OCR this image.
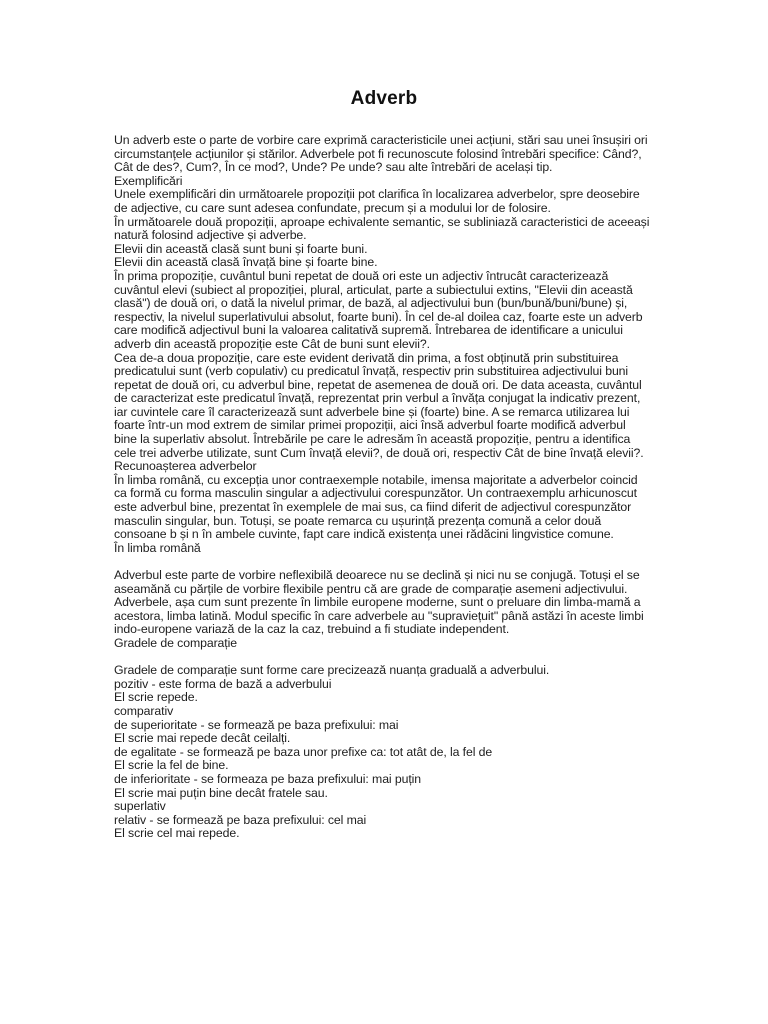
Adverb
Un adverb este o parte de vorbire care exprimă caracteristicile unei acțiuni, stări sau unei însușiri ori circumstanțele acțiunilor și stărilor. Adverbele pot fi recunoscute folosind întrebări specifice: Când?, Cât de des?, Cum?, În ce mod?, Unde? Pe unde? sau alte întrebări de același tip.
Exemplificări
Unele exemplificări din următoarele propoziții pot clarifica în localizarea adverbelor, spre deosebire de adjective, cu care sunt adesea confundate, precum și a modului lor de folosire.
În următoarele două propoziții, aproape echivalente semantic, se subliniază caracteristici de aceeași natură folosind adjective și adverbe.
Elevii din această clasă sunt buni și foarte buni.
Elevii din această clasă învață bine și foarte bine.
În prima propoziție, cuvântul buni repetat de două ori este un adjectiv întrucât caracterizează cuvântul elevi (subiect al propoziției, plural, articulat, parte a subiectului extins, "Elevii din această clasă") de două ori, o dată la nivelul primar, de bază, al adjectivului bun (bun/bună/buni/bune) și, respectiv, la nivelul superlativului absolut, foarte buni). În cel de-al doilea caz, foarte este un adverb care modifică adjectivul buni la valoarea calitativă supremă. Întrebarea de identificare a unicului adverb din această propoziție este Cât de buni sunt elevii?.
Cea de-a doua propoziție, care este evident derivată din prima, a fost obținută prin substituirea predicatului sunt (verb copulativ) cu predicatul învață, respectiv prin substituirea adjectivului buni repetat de două ori, cu adverbul bine, repetat de asemenea de două ori. De data aceasta, cuvântul de caracterizat este predicatul învață, reprezentat prin verbul a învăța conjugat la indicativ prezent, iar cuvintele care îl caracterizează sunt adverbele bine și (foarte) bine. A se remarca utilizarea lui foarte într-un mod extrem de similar primei propoziții, aici însă adverbul foarte modifică adverbul bine la superlativ absolut. Întrebările pe care le adresăm în această propoziție, pentru a identifica cele trei adverbe utilizate, sunt Cum învață elevii?, de două ori, respectiv Cât de bine învață elevii?.
Recunoașterea adverbelor
În limba română, cu excepția unor contraexemple notabile, imensa majoritate a adverbelor coincid ca formă cu forma masculin singular a adjectivului corespunzător. Un contraexemplu arhicunoscut este adverbul bine, prezentat în exemplele de mai sus, ca fiind diferit de adjectivul corespunzător masculin singular, bun. Totuși, se poate remarca cu ușurință prezența comună a celor două consoane b și n în ambele cuvinte, fapt care indică existența unei rădăcini lingvistice comune.
În limba română
Adverbul este parte de vorbire neflexibilă deoarece nu se declină și nici nu se conjugă. Totuși el se aseamănă cu părțile de vorbire flexibile pentru că are grade de comparație asemeni adjectivului.
Adverbele, așa cum sunt prezente în limbile europene moderne, sunt o preluare din limba-mamă a acestora, limba latină. Modul specific în care adverbele au "supraviețuit" până astăzi în aceste limbi indo-europene variază de la caz la caz, trebuind a fi studiate independent.
Gradele de comparație
Gradele de comparație sunt forme care precizează nuanța graduală a adverbului.
pozitiv - este forma de bază a adverbului
El scrie repede.
comparativ
de superioritate - se formează pe baza prefixului: mai
El scrie mai repede decât ceilalți.
de egalitate - se formează pe baza unor prefixe ca: tot atât de, la fel de
El scrie la fel de bine.
de inferioritate - se formeaza pe baza prefixului: mai puțin
El scrie mai puțin bine decât fratele sau.
superlativ
relativ - se formează pe baza prefixului: cel mai
El scrie cel mai repede.
